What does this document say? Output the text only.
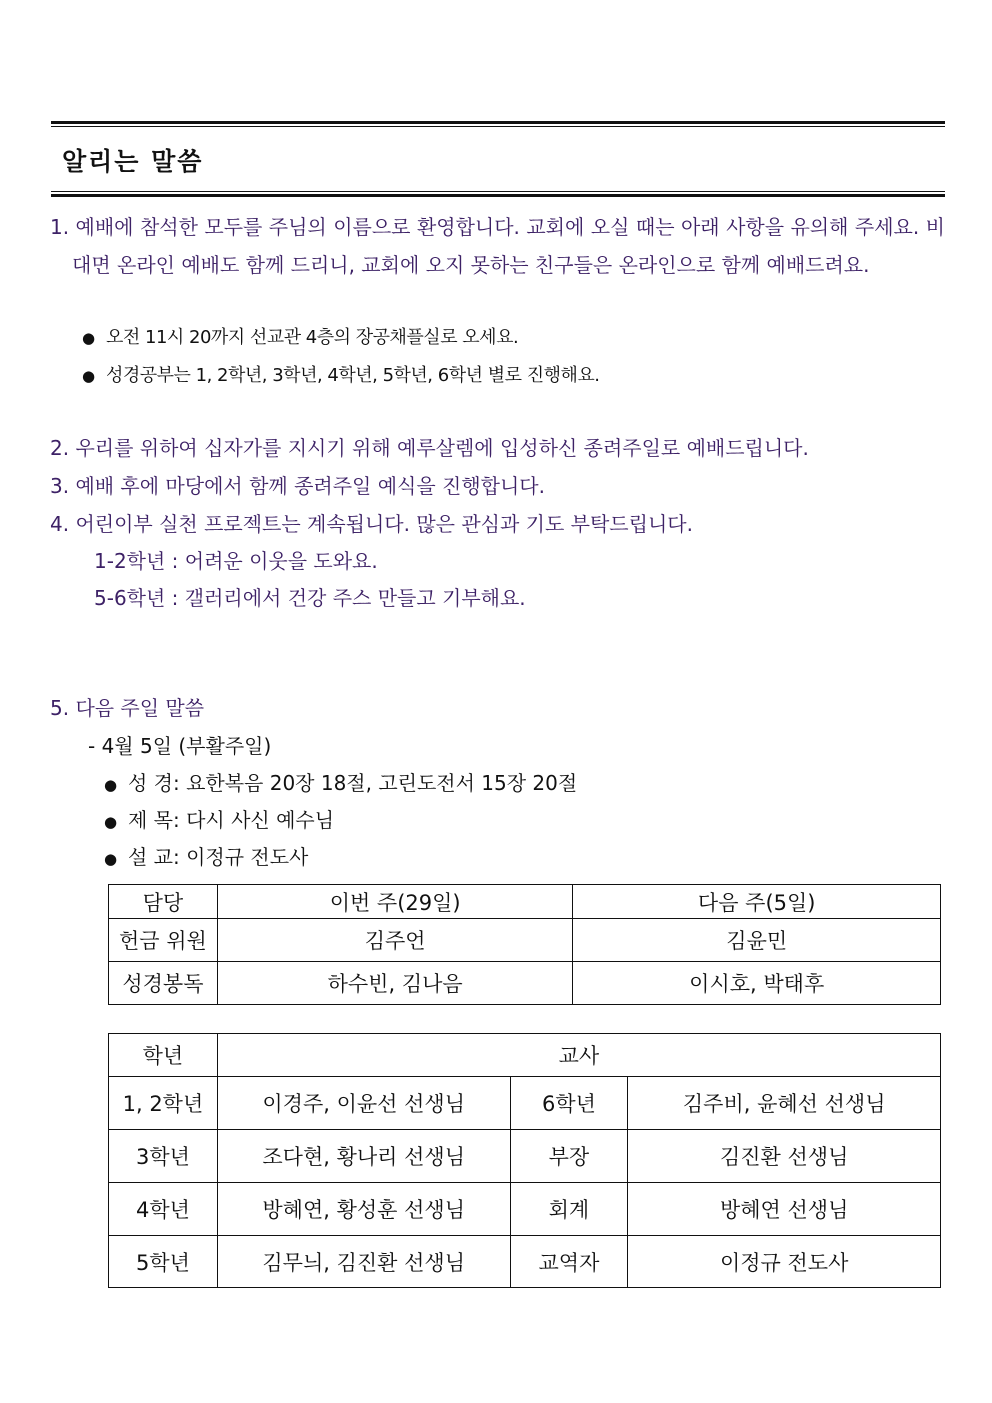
알리는 말씀
1. 예배에 참석한 모두를 주님의 이름으로 환영합니다. 교회에 오실 때는 아래 사항을 유의해 주세요. 비대면 온라인 예배도 함께 드리니, 교회에 오지 못하는 친구들은 온라인으로 함께 예배드려요.
● 오전 11시 20까지 선교관 4층의 장공채플실로 오세요.
● 성경공부는 1, 2학년, 3학년, 4학년, 5학년, 6학년 별로 진행해요.
2. 우리를 위하여 십자가를 지시기 위해 예루살렘에 입성하신 종려주일로 예배드립니다.
3. 예배 후에 마당에서 함께 종려주일 예식을 진행합니다.
4. 어린이부 실천 프로젝트는 계속됩니다. 많은 관심과 기도 부탁드립니다.
1-2학년 : 어려운 이웃을 도와요.
5-6학년 : 갤러리에서 건강 주스 만들고 기부해요.
5. 다음 주일 말씀
- 4월 5일 (부활주일)
● 성 경: 요한복음 20장 18절, 고린도전서 15장 20절
● 제 목: 다시 사신 예수님
● 설 교: 이정규 전도사
담당	이번 주(29일)	다음 주(5일)
헌금 위원	김주언	김윤민
성경봉독	하수빈, 김나음	이시호, 박태후
학년	교사		
1, 2학년	이경주, 이윤선 선생님	6학년	김주비, 윤혜선 선생님
3학년	조다현, 황나리 선생님	부장	김진환 선생님
4학년	방혜연, 황성훈 선생님	회계	방혜연 선생님
5학년	김무늬, 김진환 선생님	교역자	이정규 전도사
